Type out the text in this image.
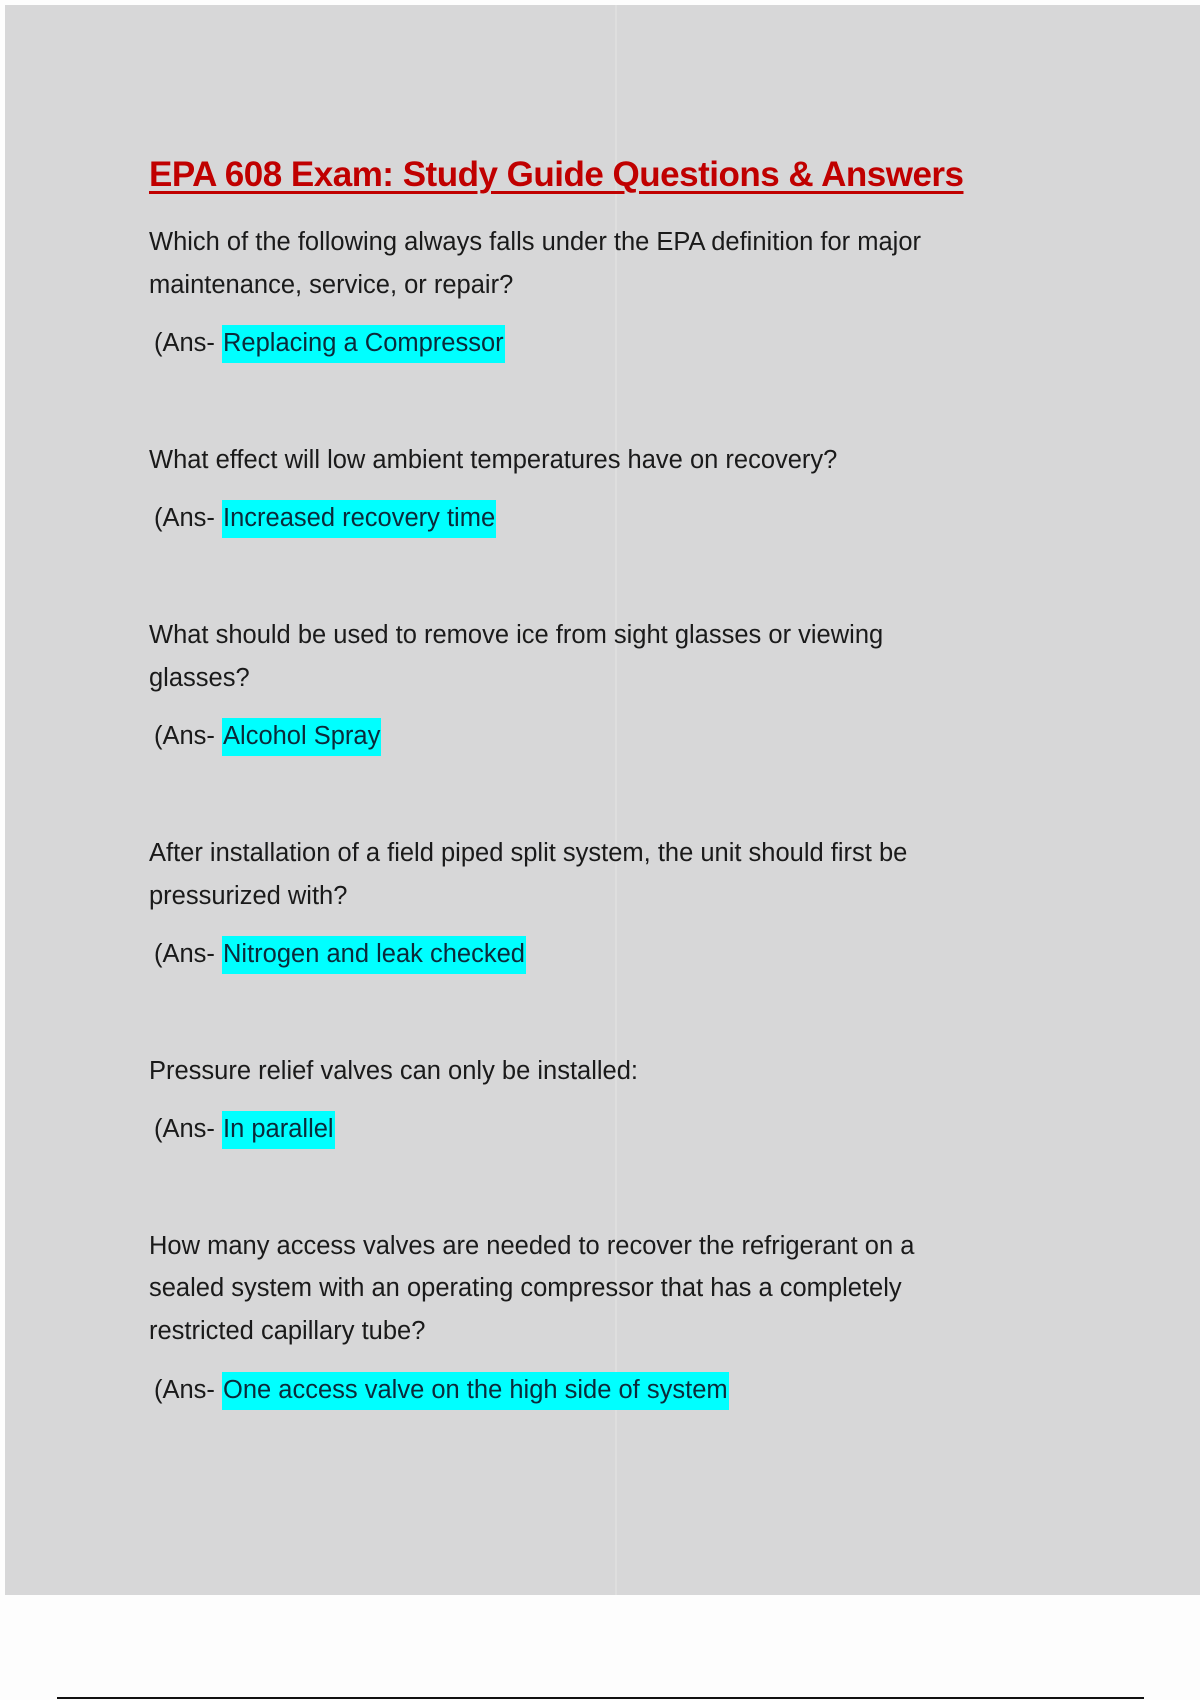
EPA 608 Exam: Study Guide Questions & Answers
Which of the following always falls under the EPA definition for major
maintenance, service, or repair?
(Ans- Replacing a Compressor
What effect will low ambient temperatures have on recovery?
(Ans- Increased recovery time
What should be used to remove ice from sight glasses or viewing
glasses?
(Ans- Alcohol Spray
After installation of a field piped split system, the unit should first be
pressurized with?
(Ans- Nitrogen and leak checked
Pressure relief valves can only be installed:
(Ans- In parallel
How many access valves are needed to recover the refrigerant on a
sealed system with an operating compressor that has a completely
restricted capillary tube?
(Ans- One access valve on the high side of system
